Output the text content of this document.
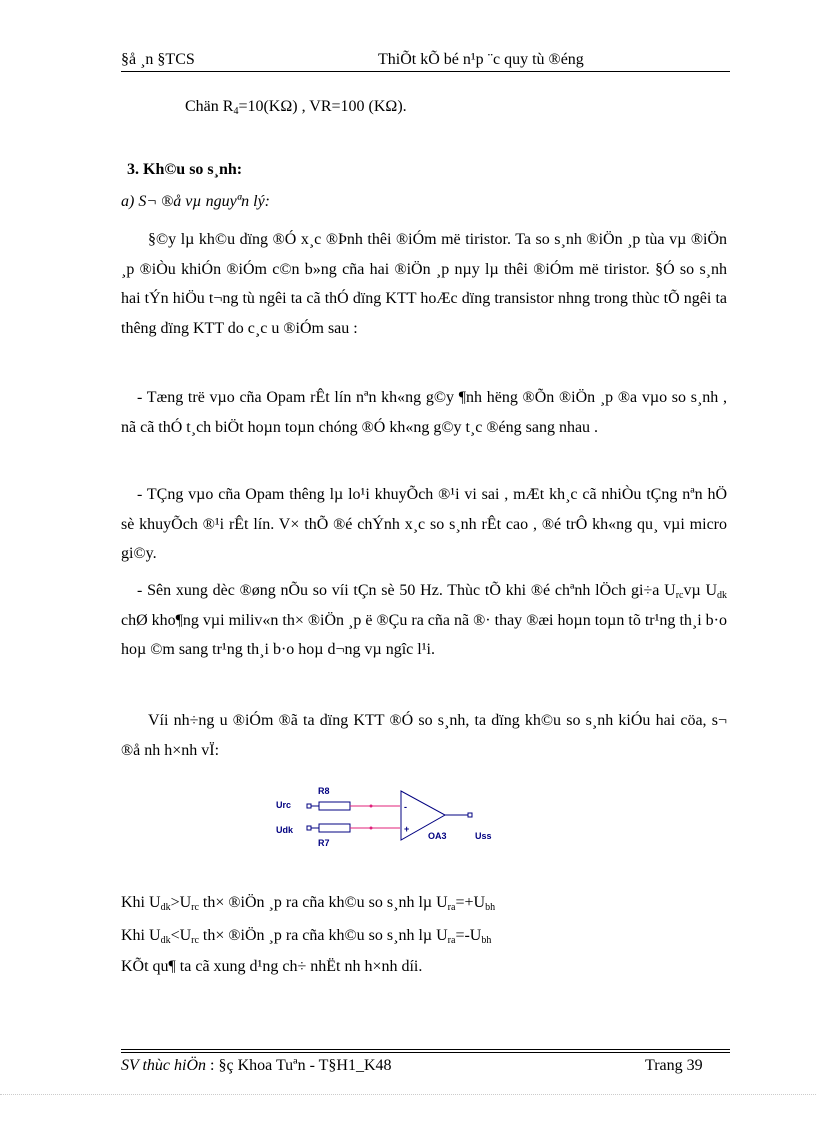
§å ¸n §TCS	ThiÕt kÕ bé n¹p ¨c quy tù ®éng
Chän $R_4=10(K\Omega)$ , VR=100 (KΩ).
3. Kh©u so s¸nh:
a) S¬ ®å vµ nguyªn lý:
§©y lµ kh©u dïng ®Ó x¸c ®Þnh thêi ®iÓm më tiristor. Ta so s¸nh ®iÖn ¸p tùa vµ ®iÖn ¸p ®iÒu khiÓn ®iÓm c©n b»ng cña hai ®iÖn ¸p nµy lµ thêi ®iÓm më tiristor. §Ó so s¸nh hai tÝn hiÖu t¬ng tù ngêi ta cã thÓ dïng KTT hoÆc dïng transistor nhng trong thùc tÕ ngêi ta thêng dïng KTT do c¸c u ®iÓm sau :
- Tæng trë vµo cña Opam rÊt lín nªn kh«ng g©y ¶nh hëng ®Õn ®iÖn ¸p ®a vµo so s¸nh , nã cã thÓ t¸ch biÖt hoµn toµn chóng ®Ó kh«ng g©y t¸c ®éng sang nhau .
- TÇng vµo cña Opam thêng lµ lo¹i khuyÕch ®¹i vi sai , mÆt kh¸c cã nhiÒu tÇng nªn hÖ sè khuyÕch ®¹i rÊt lín. V× thÕ ®é chÝnh x¸c so s¸nh rÊt cao , ®é trÔ kh«ng qu¸ vµi micro gi©y.
- Sên xung dèc ®øng nÕu so víi tÇn sè 50 Hz. Thùc tÕ khi ®é chªnh lÖch gi÷a $U_{rc}v\mu$ $U_{dk}$ chØ kho¶ng vµi miliv«n th× ®iÖn ¸p ë ®Çu ra cña nã ®· thay ®æi hoµn toµn tõ tr¹ng th¸i b·o hoµ ©m sang tr¹ng th¸i b·o hoµ d¬ng vµ ngîc l¹i.
Víi nh÷ng u ®iÓm ®ã ta dïng KTT ®Ó so s¸nh, ta dïng kh©u so s¸nh kiÓu hai cöa, s¬ ®å nh h×nh vÏ:
Urc
Udk
R8
R7
OA3	Uss
-
+
Khi $U_{dk}>U_{rc}$ th× ®iÖn ¸p ra cña kh©u so s¸nh lµ $U_{ra}=+U_{bh}$
Khi $U_{dk}<U_{rc}$ th× ®iÖn ¸p ra cña kh©u so s¸nh lµ $U_{ra}=-U_{bh}$
KÕt qu¶ ta cã xung d¹ng ch÷ nhËt nh h×nh díi.
SV thùc hiÖn : §ç Khoa Tuªn - T§H1_K48	Trang 39
